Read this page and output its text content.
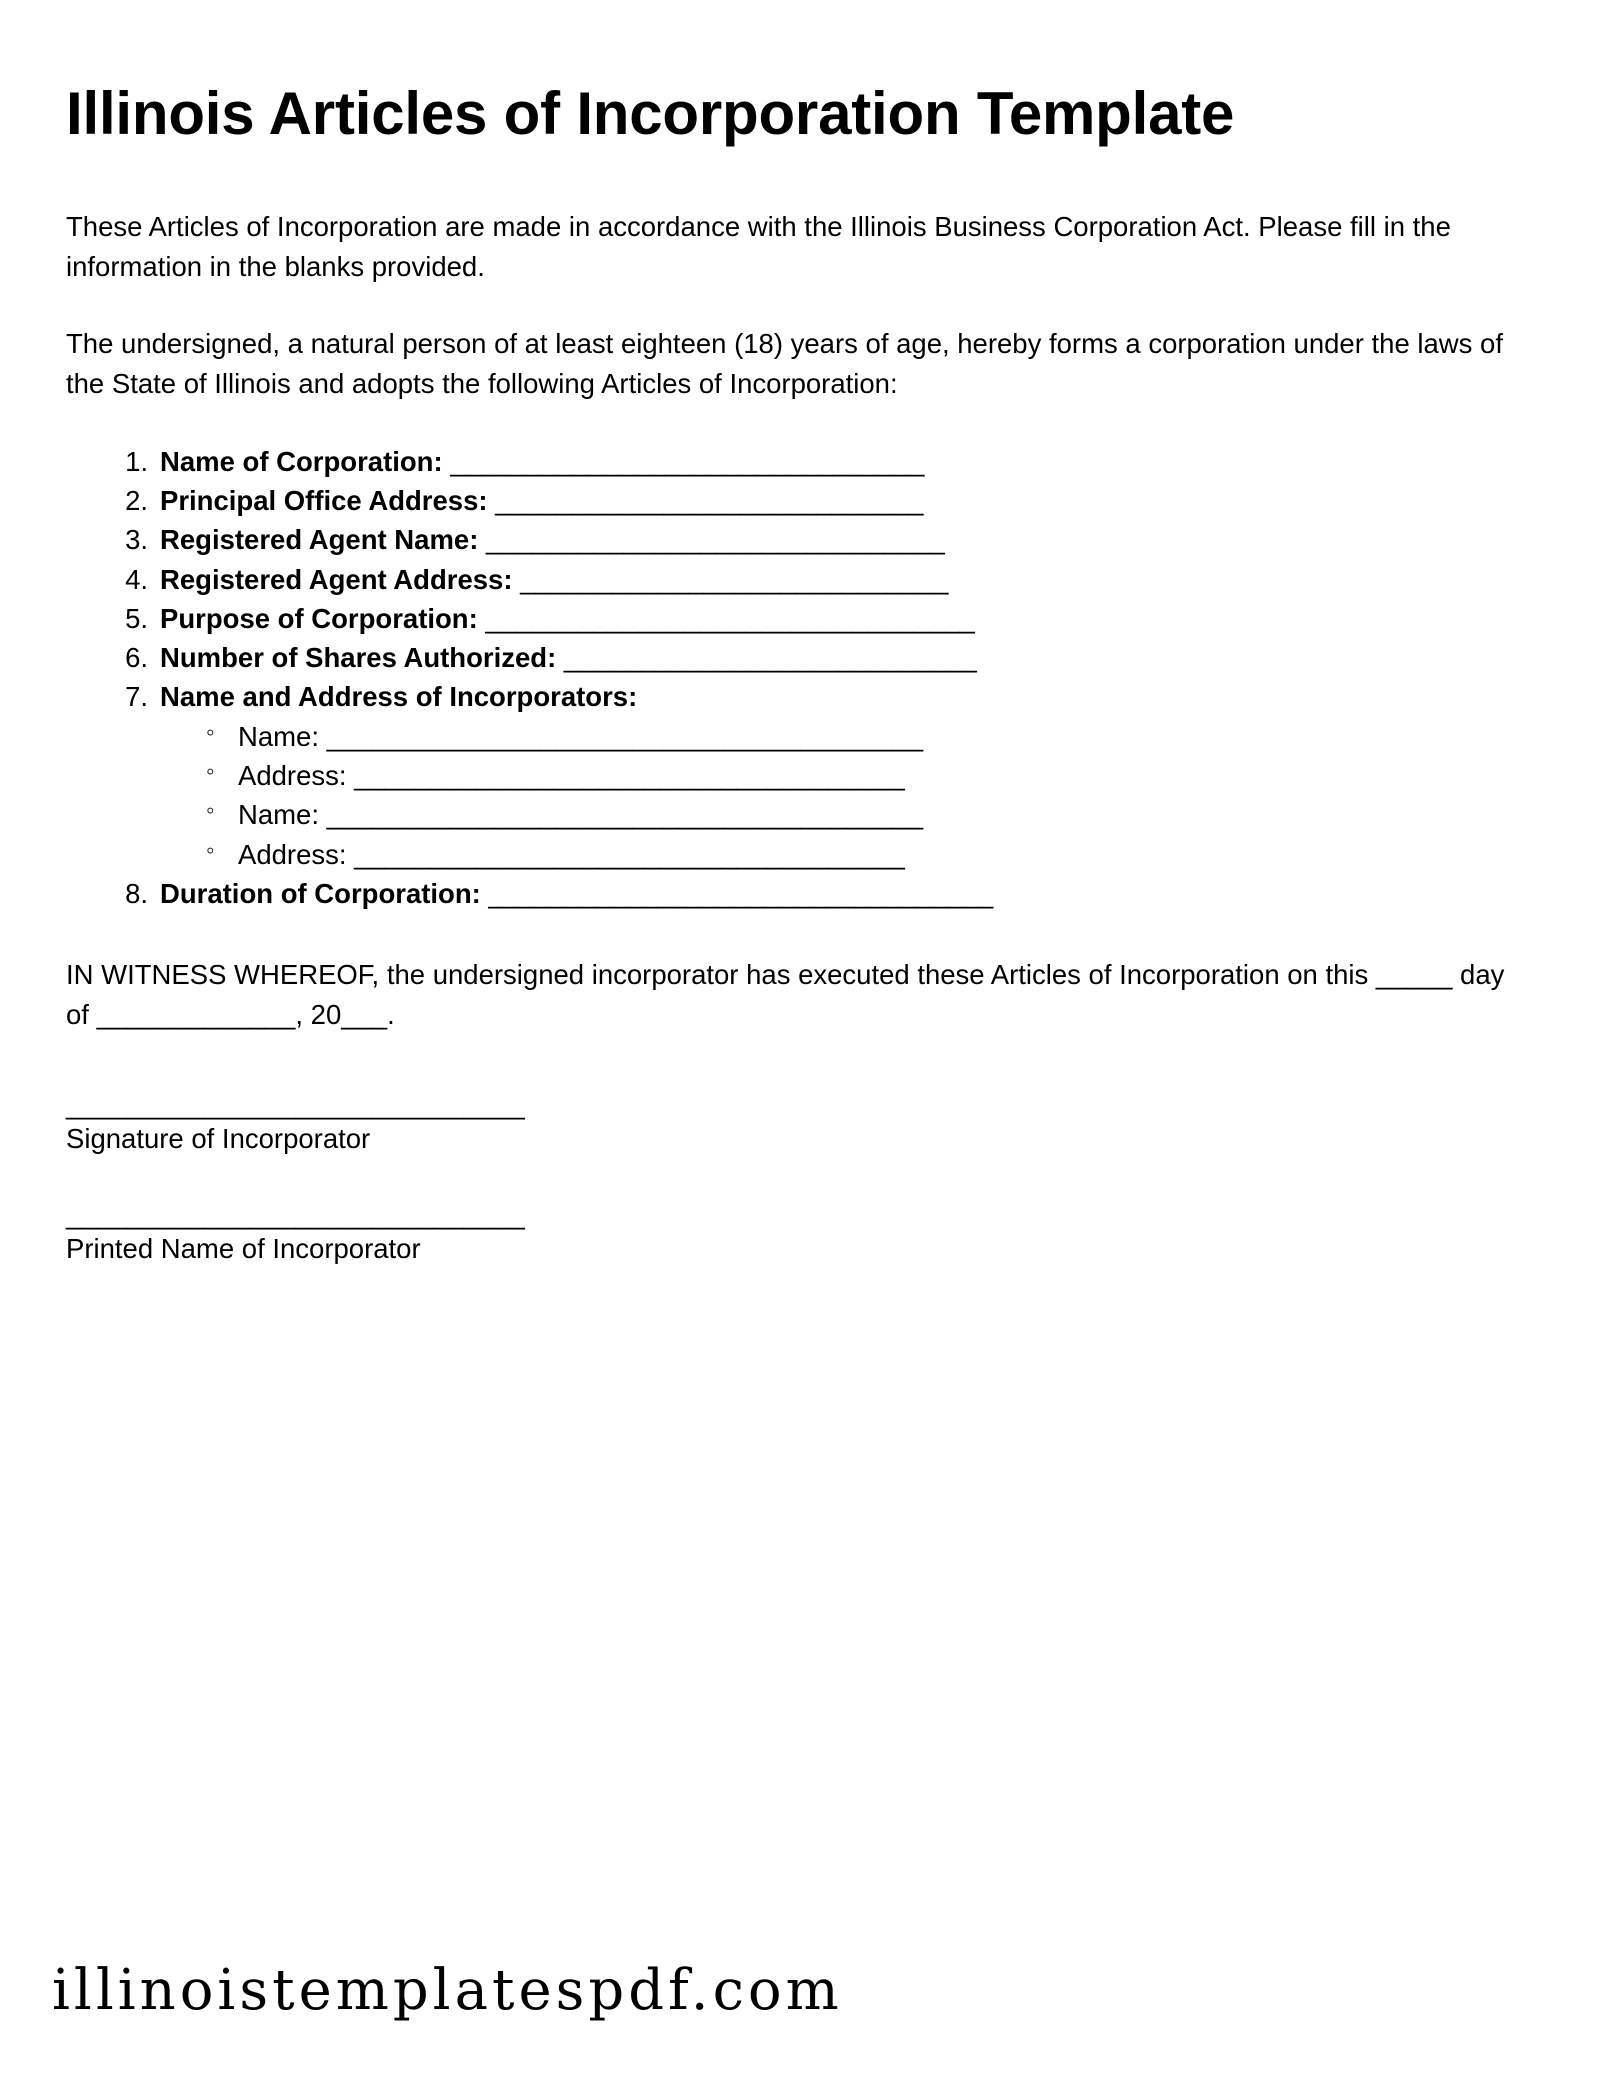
Illinois Articles of Incorporation Template

These Articles of Incorporation are made in accordance with the Illinois Business Corporation Act. Please fill in the information in the blanks provided.

The undersigned, a natural person of at least eighteen (18) years of age, hereby forms a corporation under the laws of the State of Illinois and adopts the following Articles of Incorporation:

Name of Corporation: _______________________________
Principal Office Address: ____________________________
Registered Agent Name: ______________________________
Registered Agent Address: ____________________________
Purpose of Corporation: ________________________________
Number of Shares Authorized: ___________________________
Name and Address of Incorporators:
◦ Name: _______________________________________
◦ Address: ____________________________________
◦ Name: _______________________________________
◦ Address: ____________________________________
Duration of Corporation: _________________________________

IN WITNESS WHEREOF, the undersigned incorporator has executed these Articles of Incorporation on this _____ day of _____________, 20___.

______________________________
Signature of Incorporator
______________________________
Printed Name of Incorporator
illinoistemplatespdf.com
